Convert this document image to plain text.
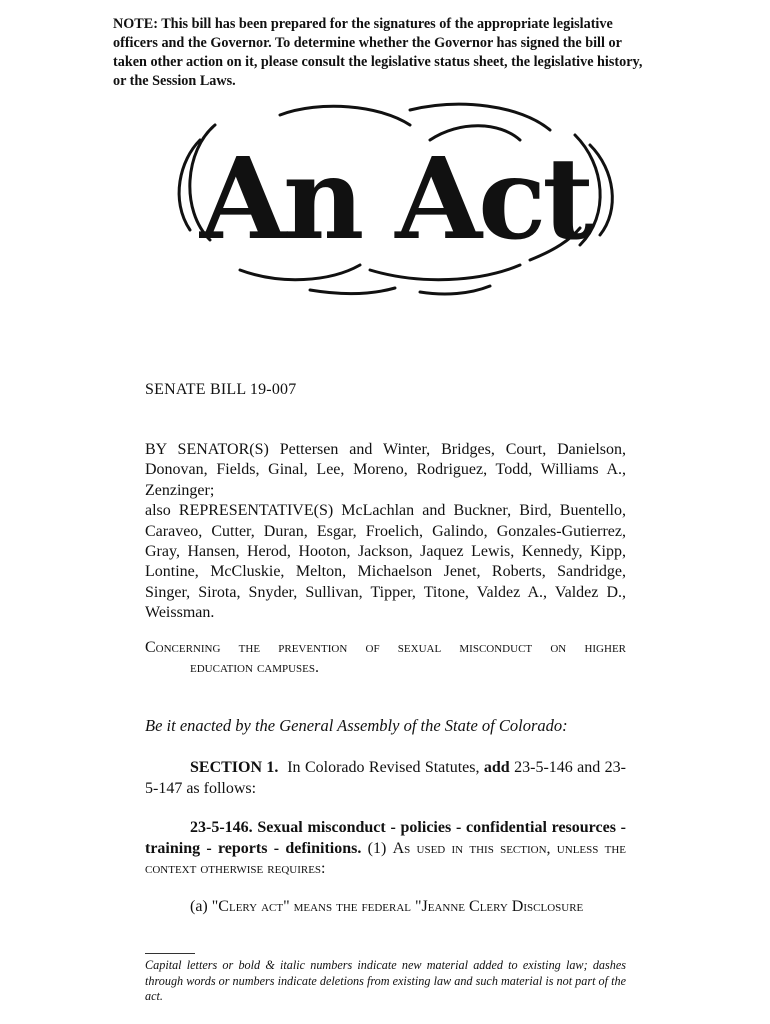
NOTE: This bill has been prepared for the signatures of the appropriate legislative officers and the Governor. To determine whether the Governor has signed the bill or taken other action on it, please consult the legislative status sheet, the legislative history, or the Session Laws.
An Act
SENATE BILL 19-007

BY SENATOR(S) Pettersen and Winter, Bridges, Court, Danielson, Donovan, Fields, Ginal, Lee, Moreno, Rodriguez, Todd, Williams A., Zenzinger;

also REPRESENTATIVE(S) McLachlan and Buckner, Bird, Buentello, Caraveo, Cutter, Duran, Esgar, Froelich, Galindo, Gonzales-Gutierrez, Gray, Hansen, Herod, Hooton, Jackson, Jaquez Lewis, Kennedy, Kipp, Lontine, McCluskie, Melton, Michaelson Jenet, Roberts, Sandridge, Singer, Sirota, Snyder, Sullivan, Tipper, Titone, Valdez A., Valdez D., Weissman.

Concerning the prevention of sexual misconduct on higher
education campuses.
Be it enacted by the General Assembly of the State of Colorado:

SECTION 1. In Colorado Revised Statutes, add 23-5-146 and 23-5-147 as follows:

23-5-146. Sexual misconduct - policies - confidential resources - training - reports - definitions. (1) As used in this section, unless the context otherwise requires:

(a) "Clery act" means the federal "Jeanne Clery Disclosure
Capital letters or bold & italic numbers indicate new material added to existing law; dashes through words or numbers indicate deletions from existing law and such material is not part of the act.
